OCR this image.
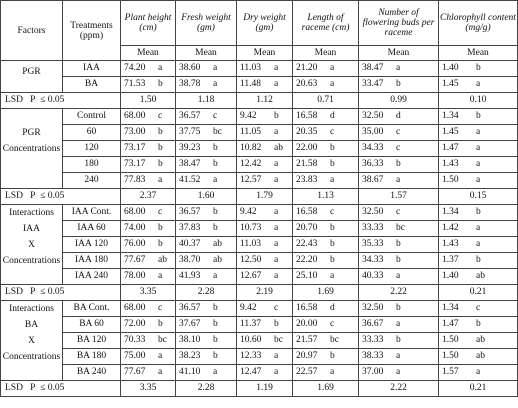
Factors	Treatments (ppm)	Plant height (cm)	Fresh weight (gm)	Dry weight (gm)	Length of raceme (cm)	Number of flowering buds per raceme	Chlorophyll content (mg/g)
		Mean	Mean	Mean	Mean	Mean	Mean
PGR	IAA	74.20 a	38.60 a	11.03 a	21.20 a	38.47 a	1.40 b
	BA	71.53 b	38.78 a	11.48 a	20.63 a	33.47 b	1.45 a
LSD   P  ≤ 0.05		1.50	1.18	1.12	0.71	0.99	0.10
	Control	68.00 c	36.57 c	9.42 b	16.58 d	32.50 d	1.34 b
PGR	60	73.00 b	37.75 bc	11.05 a	20.35 c	35.00 c	1.45 a
Concentrations	120	73.17 b	39.23 b	10.82 ab	22.00 b	34.33 c	1.47 a
	180	73.17 b	38.47 b	12.42 a	21.58 b	36.33 b	1.43 a
	240	77.83 a	41.52 a	12.57 a	23.83 a	38.67 a	1.50 a
LSD   P  ≤ 0.05		2.37	1.60	1.79	1.13	1.57	0.15
Interactions	IAA Cont.	68.00 c	36.57 b	9.42 a	16.58 c	32.50 c	1.34 b
IAA	IAA 60	74.00 b	37.83 b	10.73 a	20.70 b	33.33 bc	1.42 a
X	IAA 120	76.00 b	40.37 ab	11.03 a	22.43 b	35.33 b	1.43 a
Concentrations	IAA 180	77.67 ab	38.70 ab	12.50 a	22.20 b	34.33 b	1.37 b
	IAA 240	78.00 a	41.93 a	12.67 a	25.10 a	40.33 a	1.40 ab
LSD   P  ≤ 0.05		3.35	2.28	2.19	1.69	2.22	0.21
Interactions	BA Cont.	68.00 c	36.57 b	9.42 c	16.58 d	32.50 b	1.34 c
BA	BA 60	72.00 b	37.67 b	11.37 b	20.00 c	36.67 a	1.47 b
X	BA 120	70.33 bc	38.10 b	10.60 bc	21.57 bc	33.33 b	1.50 ab
Concentrations	BA 180	75.00 a	38.23 b	12.33 a	20.97 b	38.33 a	1.50 ab
	BA 240	77.67 a	41.10 a	12.47 a	22.57 a	37.00 a	1.57 a
LSD   P  ≤ 0.05		3.35	2.28	1.19	1.69	2.22	0.21
